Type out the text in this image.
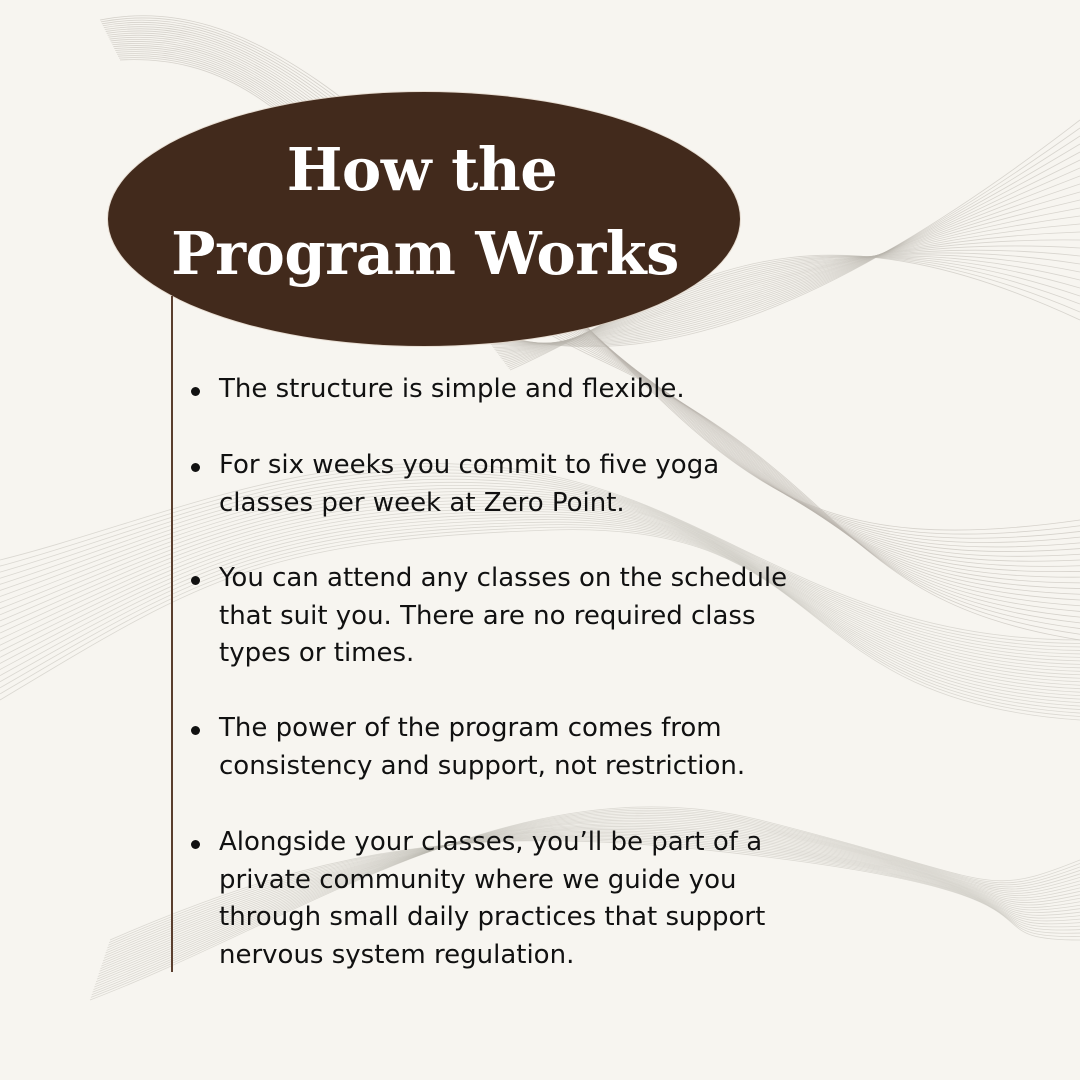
How the
Program Works
The structure is simple and flexible.
For six weeks you commit to five yoga
classes per week at Zero Point.
You can attend any classes on the schedule
that suit you. There are no required class
types or times.
The power of the program comes from
consistency and support, not restriction.
Alongside your classes, you’ll be part of a
private community where we guide you
through small daily practices that support
nervous system regulation.
